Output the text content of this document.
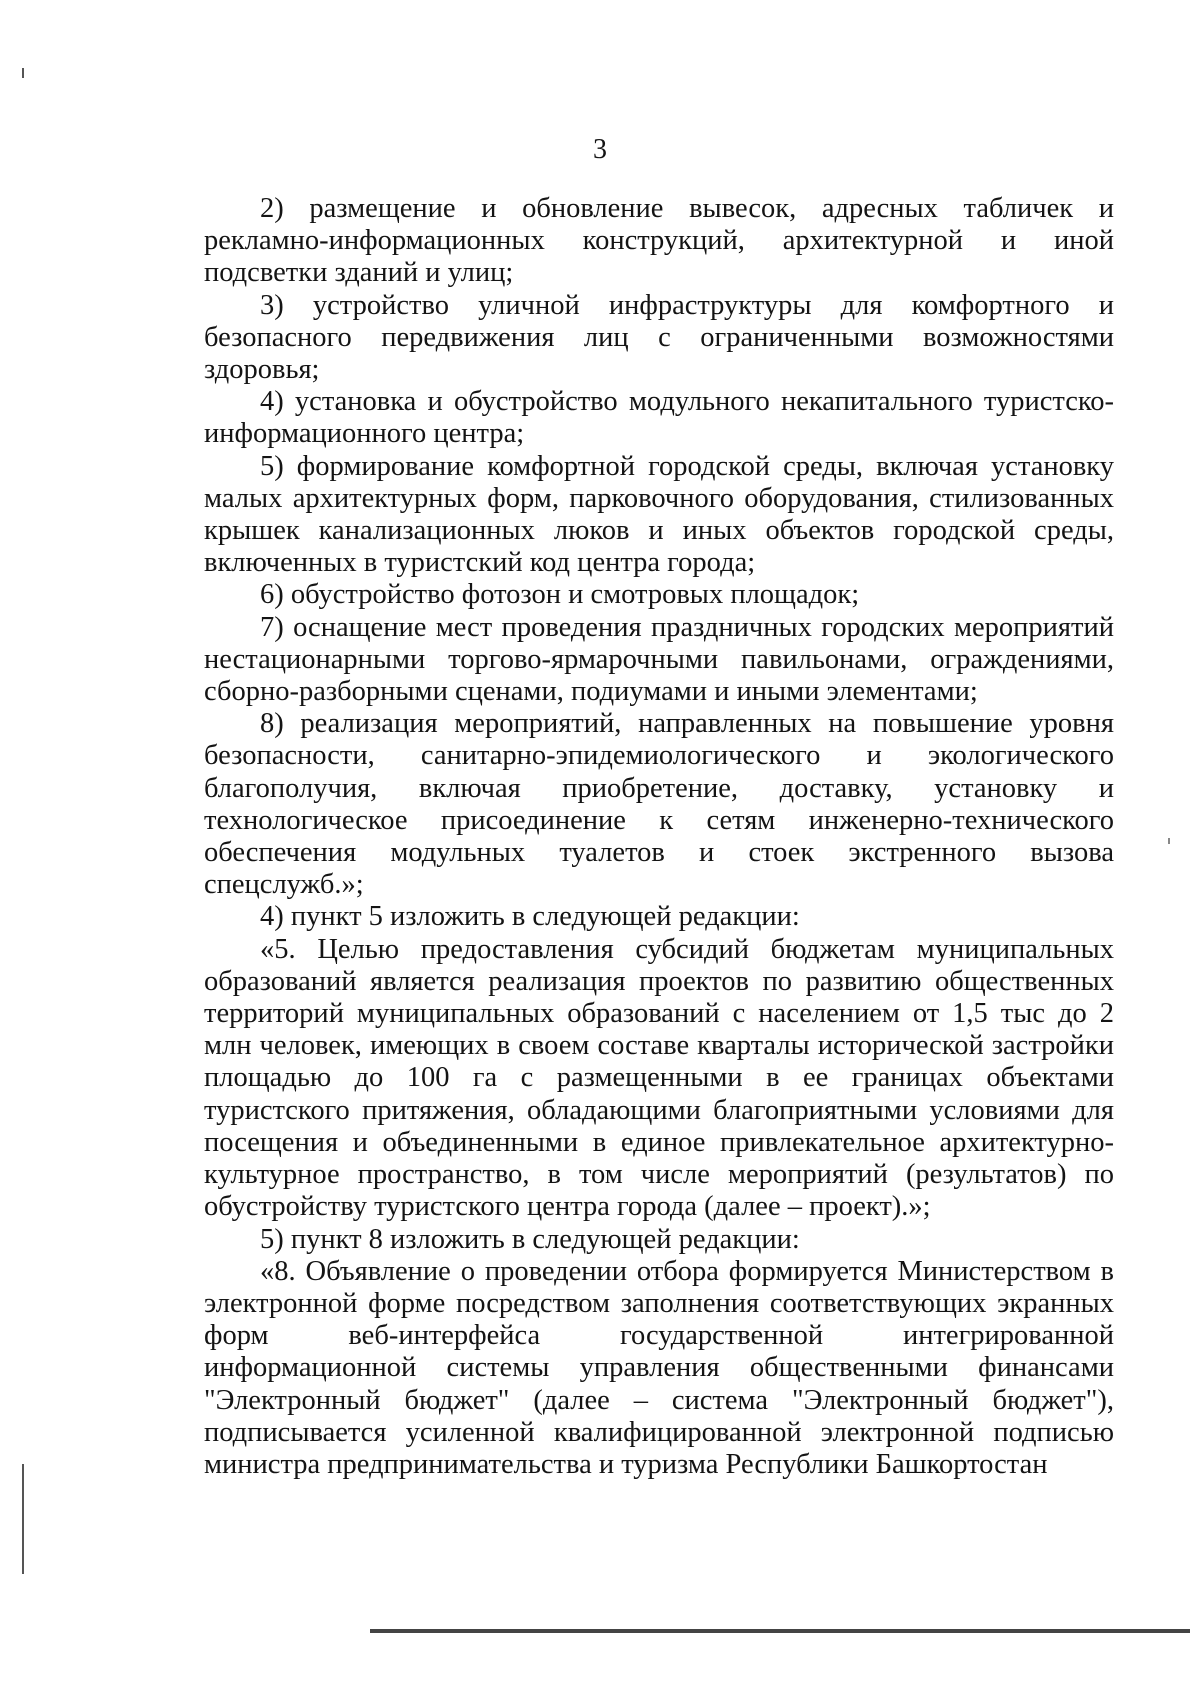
3

2) размещение и обновление вывесок, адресных табличек и рекламно-информационных конструкций, архитектурной и иной подсветки зданий и улиц;

3) устройство уличной инфраструктуры для комфортного и безопасного передвижения лиц с ограниченными возможностями здоровья;

4) установка и обустройство модульного некапитального туристско-информационного центра;

5) формирование комфортной городской среды, включая установку малых архитектурных форм, парковочного оборудования, стилизованных крышек канализационных люков и иных объектов городской среды, включенных в туристский код центра города;

6) обустройство фотозон и смотровых площадок;

7) оснащение мест проведения праздничных городских мероприятий нестационарными торгово-ярмарочными павильонами, ограждениями, сборно-разборными сценами, подиумами и иными элементами;

8) реализация мероприятий, направленных на повышение уровня безопасности, санитарно-эпидемиологического и экологического благополучия, включая приобретение, доставку, установку и технологическое присоединение к сетям инженерно-технического обеспечения модульных туалетов и стоек экстренного вызова спецслужб.»;

4) пункт 5 изложить в следующей редакции:

«5. Целью предоставления субсидий бюджетам муниципальных образований является реализация проектов по развитию общественных территорий муниципальных образований с населением от 1,5 тыс до 2 млн человек, имеющих в своем составе кварталы исторической застройки площадью до 100 га с размещенными в ее границах объектами туристского притяжения, обладающими благоприятными условиями для посещения и объединенными в единое привлекательное архитектурно-культурное пространство, в том числе мероприятий (результатов) по обустройству туристского центра города (далее – проект).»;

5) пункт 8 изложить в следующей редакции:

«8. Объявление о проведении отбора формируется Министерством в электронной форме посредством заполнения соответствующих экранных форм веб-интерфейса государственной интегрированной информационной системы управления общественными финансами "Электронный бюджет" (далее – система "Электронный бюджет"), подписывается усиленной квалифицированной электронной подписью министра предпринимательства и туризма Республики Башкортостан
